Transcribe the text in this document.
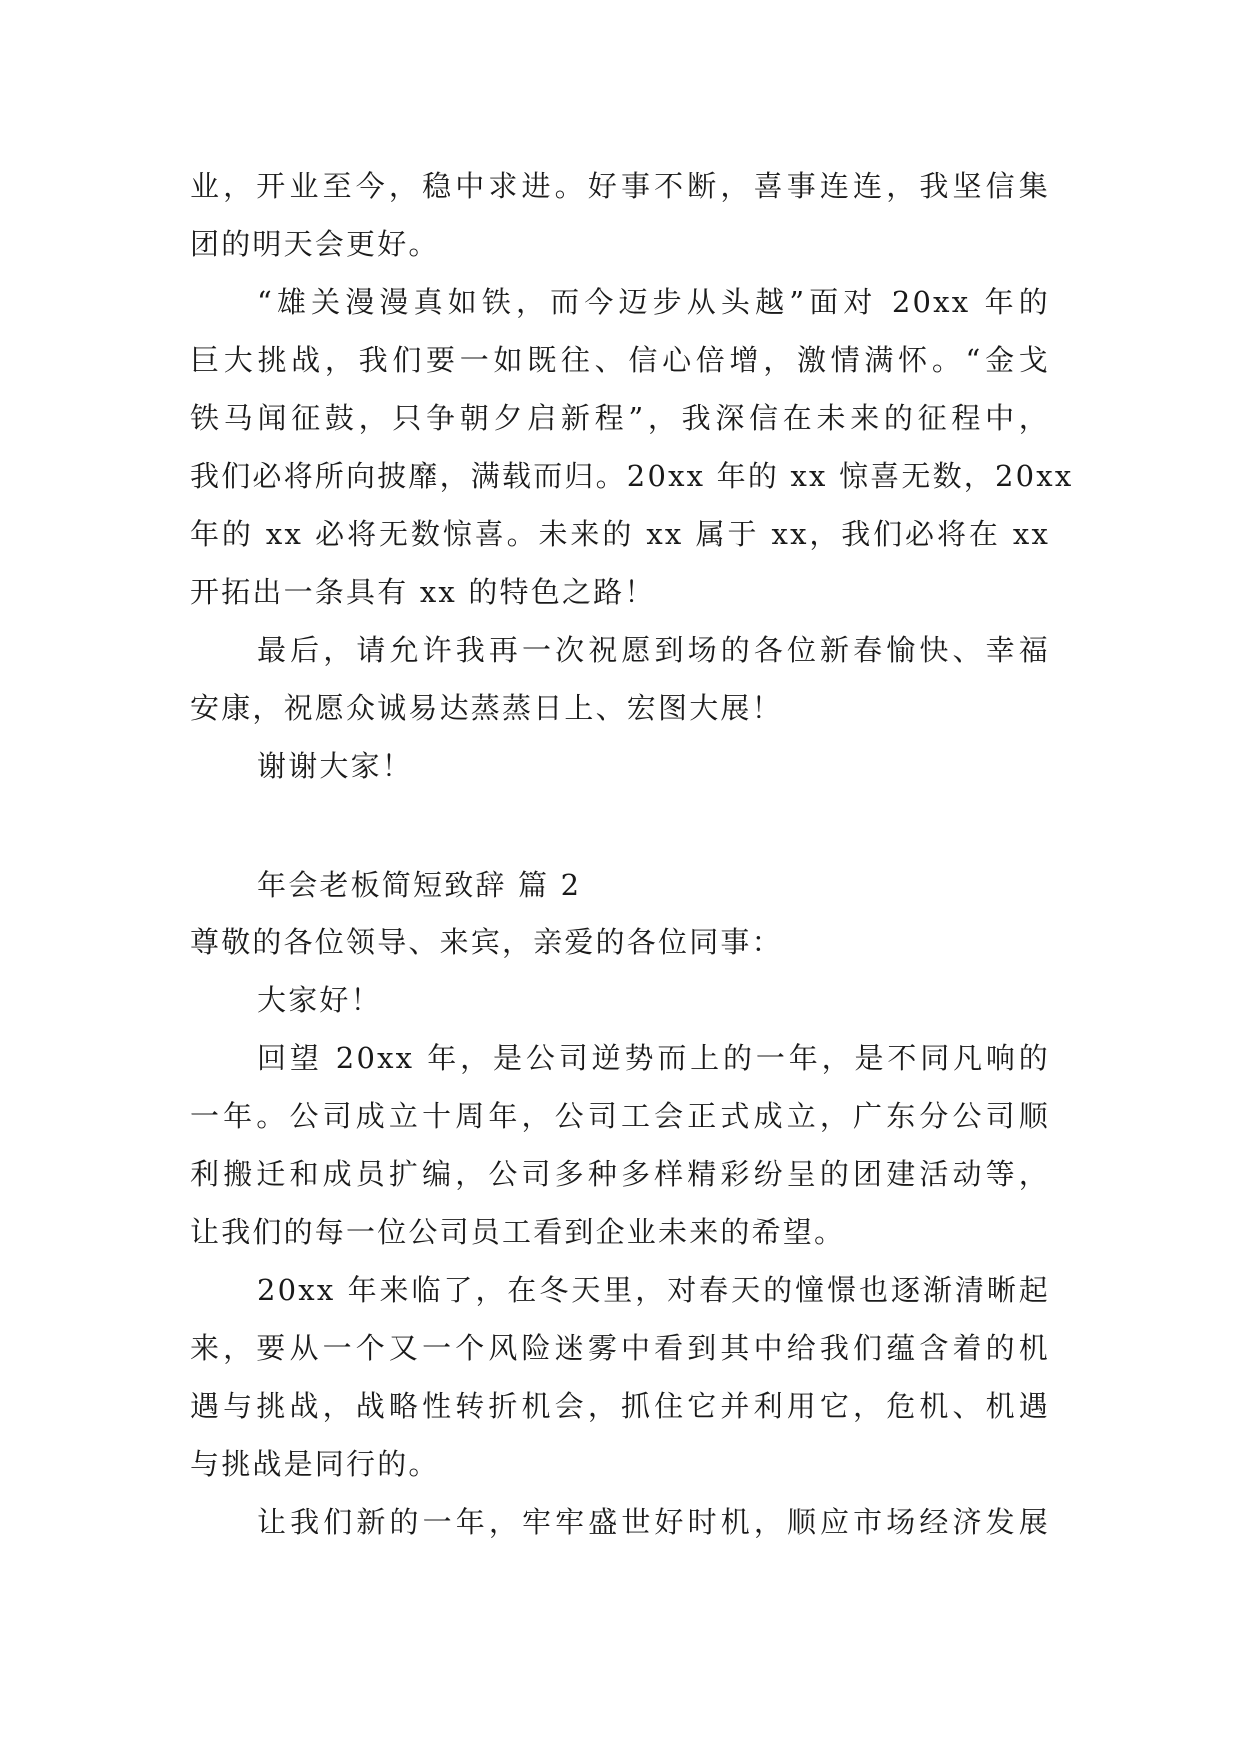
业，开业至今，稳中求进。好事不断，喜事连连，我坚信集
团的明天会更好。
“雄关漫漫真如铁，而今迈步从头越”面对 20xx 年的
巨大挑战，我们要一如既往、信心倍增，激情满怀。“金戈
铁马闻征鼓，只争朝夕启新程”，我深信在未来的征程中，
我们必将所向披靡，满载而归。20xx 年的 xx 惊喜无数，20xx
年的 xx 必将无数惊喜。未来的 xx 属于 xx，我们必将在 xx
开拓出一条具有 xx 的特色之路！
最后，请允许我再一次祝愿到场的各位新春愉快、幸福
安康，祝愿众诚易达蒸蒸日上、宏图大展！
谢谢大家！
年会老板简短致辞 篇 2
尊敬的各位领导、来宾，亲爱的各位同事：
大家好！
回望 20xx 年，是公司逆势而上的一年，是不同凡响的
一年。公司成立十周年，公司工会正式成立，广东分公司顺
利搬迁和成员扩编，公司多种多样精彩纷呈的团建活动等，
让我们的每一位公司员工看到企业未来的希望。
20xx 年来临了，在冬天里，对春天的憧憬也逐渐清晰起
来，要从一个又一个风险迷雾中看到其中给我们蕴含着的机
遇与挑战，战略性转折机会，抓住它并利用它，危机、机遇
与挑战是同行的。
让我们新的一年，牢牢盛世好时机，顺应市场经济发展
